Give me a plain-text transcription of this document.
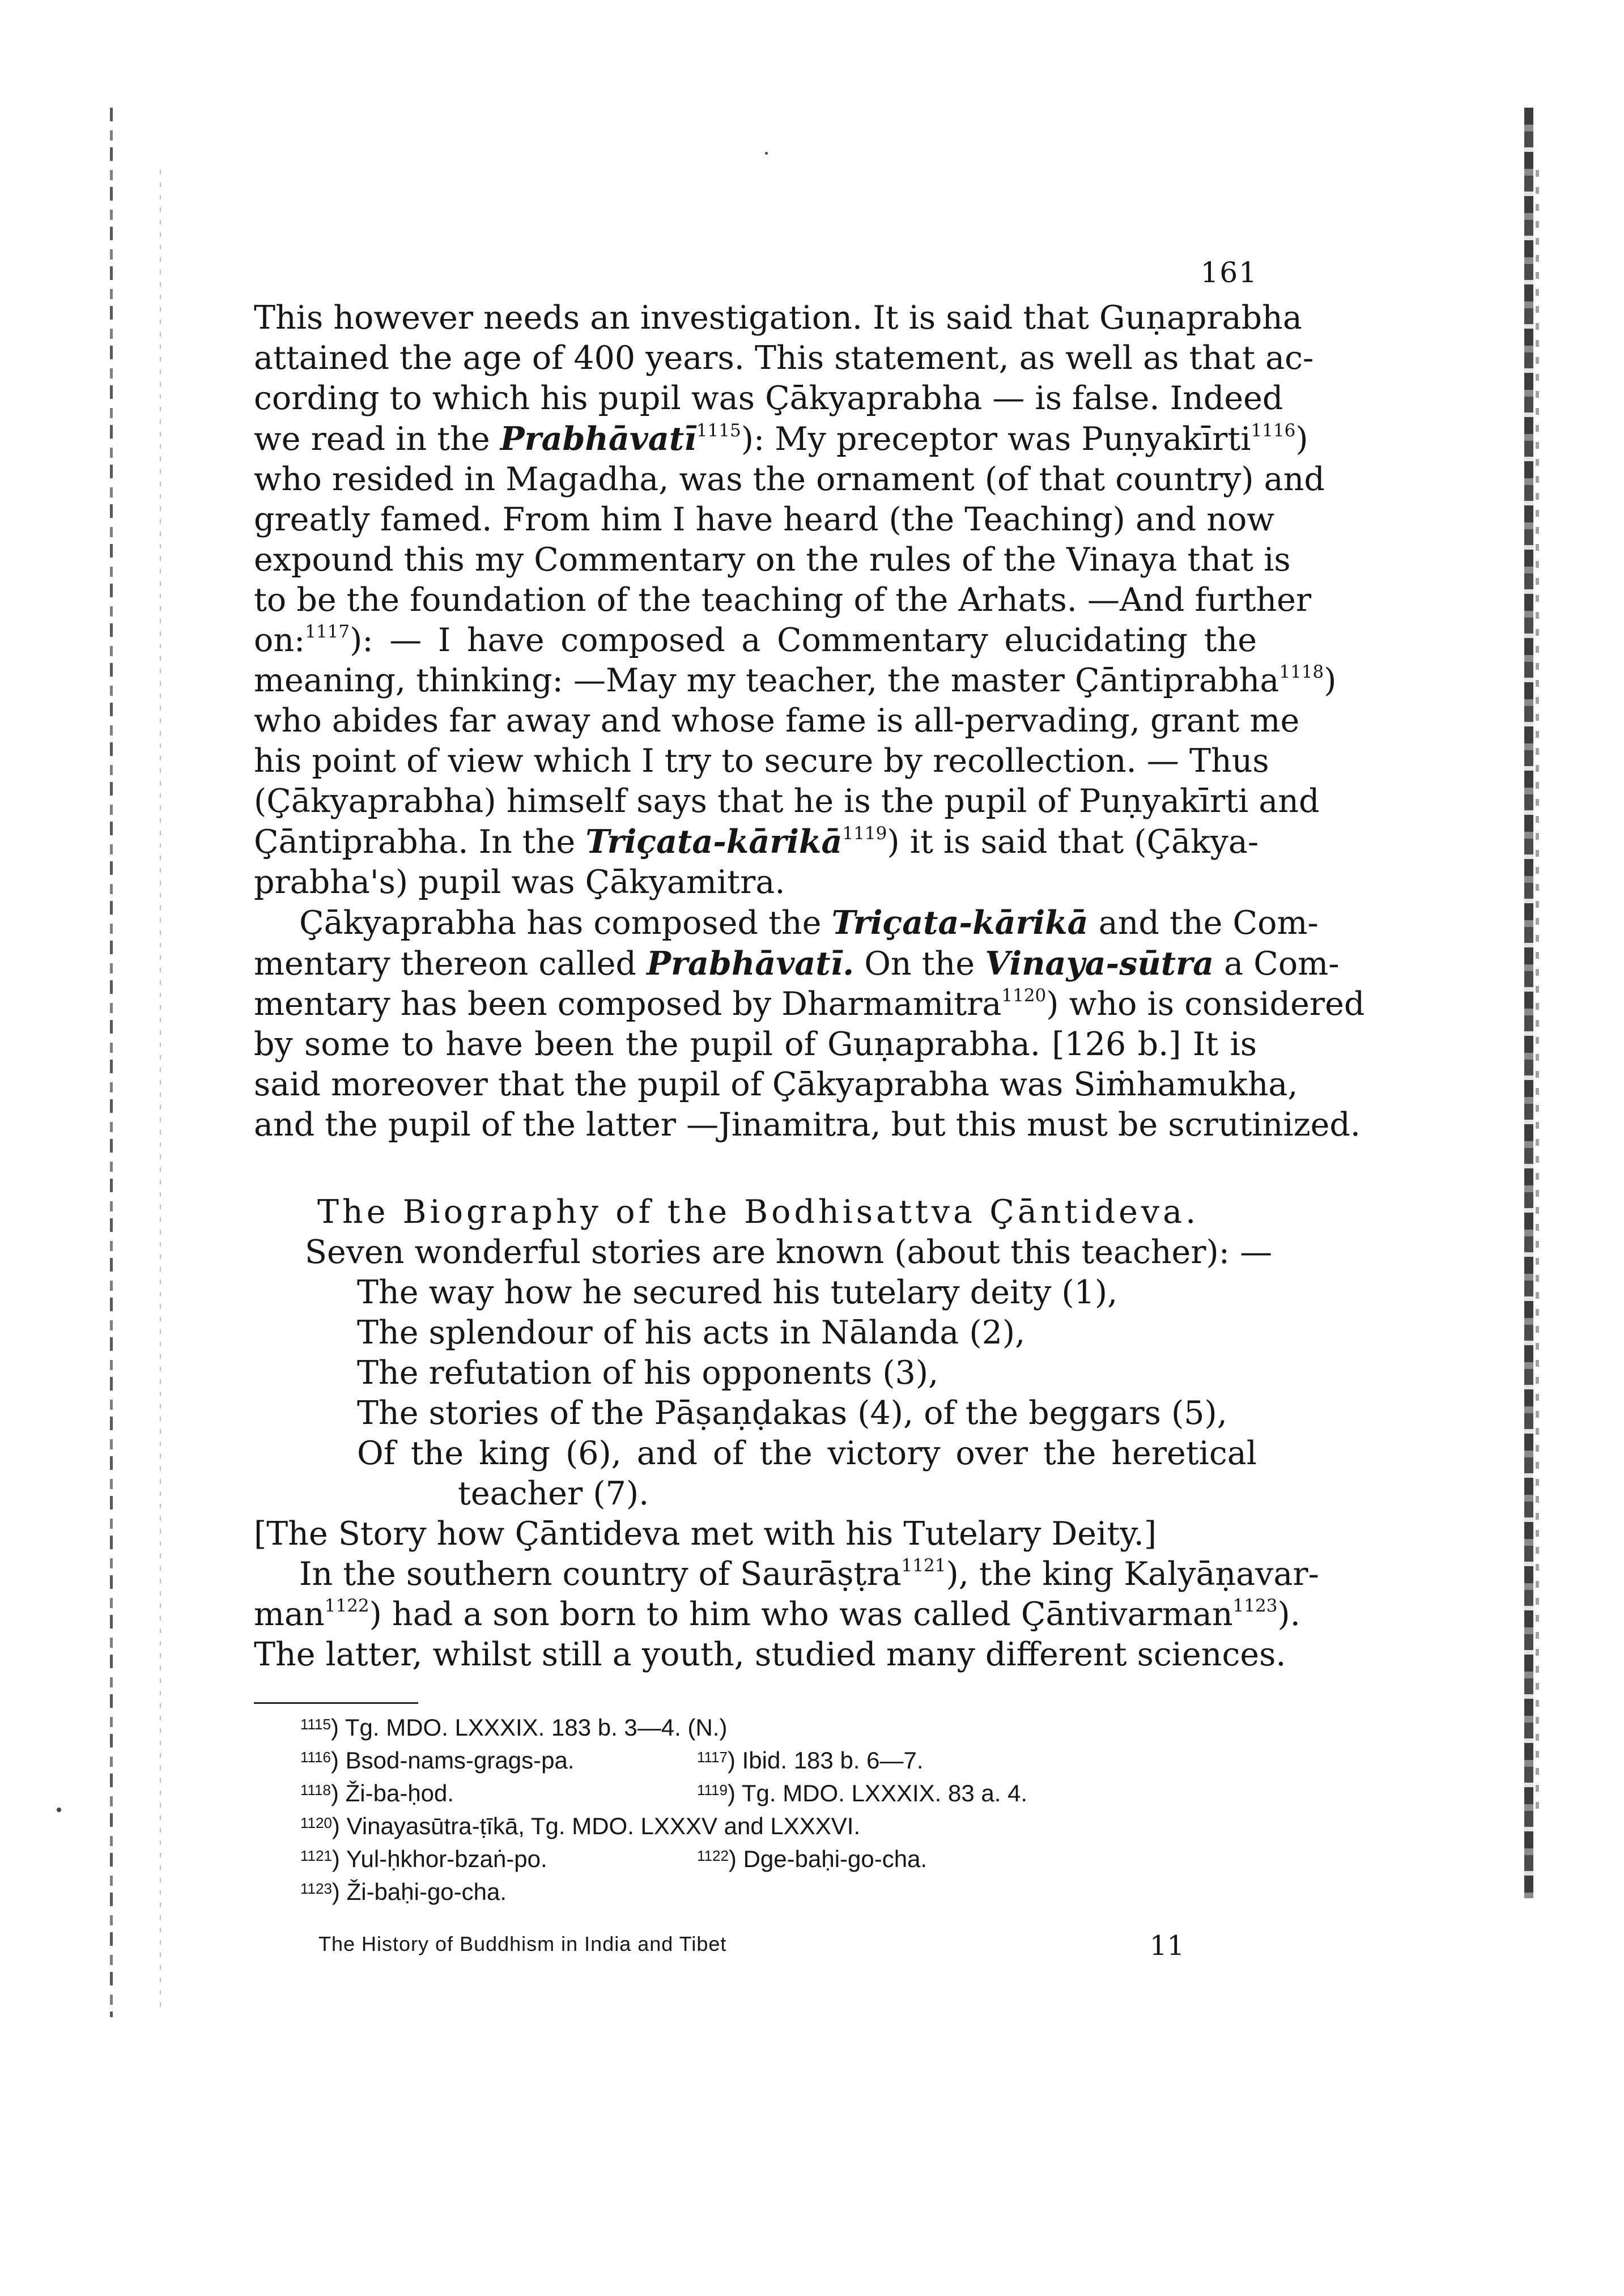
161
This however needs an investigation. It is said that Guṇaprabha
attained the age of 400 years. This statement, as well as that ac-
cording to which his pupil was Çākyaprabha — is false. Indeed
we read in the Prabhāvatī$^{1115}$): My preceptor was Puṇyakīrti$^{1116}$)
who resided in Magadha, was the ornament (of that country) and
greatly famed. From him I have heard (the Teaching) and now
expound this my Commentary on the rules of the Vinaya that is
to be the foundation of the teaching of the Arhats. —And further
on:$^{1117}$): — I have composed a Commentary elucidating the
meaning, thinking: —May my teacher, the master Çāntiprabha$^{1118}$)
who abides far away and whose fame is all-pervading, grant me
his point of view which I try to secure by recollection. — Thus
(Çākyaprabha) himself says that he is the pupil of Puṇyakīrti and
Çāntiprabha. In the Triçata-kārikā$^{1119}$) it is said that (Çākya-
prabha's) pupil was Çākyamitra.
Çākyaprabha has composed the Triçata-kārikā and the Com-
mentary thereon called Prabhāvatī. On the Vinaya-sūtra a Com-
mentary has been composed by Dharmamitra$^{1120}$) who is considered
by some to have been the pupil of Guṇaprabha. [126 b.] It is
said moreover that the pupil of Çākyaprabha was Siṁhamukha,
and the pupil of the latter —Jinamitra, but this must be scrutinized.
The Biography of the Bodhisattva Çāntideva.
Seven wonderful stories are known (about this teacher): —
The way how he secured his tutelary deity (1),
The splendour of his acts in Nālanda (2),
The refutation of his opponents (3),
The stories of the Pāṣaṇḍakas (4), of the beggars (5),
Of the king (6), and of the victory over the heretical
teacher (7).
[The Story how Çāntideva met with his Tutelary Deity.]
In the southern country of Saurāṣṭra$^{1121}$), the king Kalyāṇavar-
man$^{1122}$) had a son born to him who was called Çāntivarman$^{1123}$).
The latter, whilst still a youth, studied many different sciences.
1115) Tg. MDO. LXXXIX. 183 b. 3—4. (N.)
1116) Bsod-nams-grags-pa.	1117) Ibid. 183 b. 6—7.
1118) Ži-ba-ḥod.	1119) Tg. MDO. LXXXIX. 83 a. 4.
1120) Vinayasūtra-ṭīkā, Tg. MDO. LXXXV and LXXXVI.
1121) Yul-ḥkhor-bzaṅ-po.	1122) Dge-baḥi-go-cha.
1123) Ži-baḥi-go-cha.
The History of Buddhism in India and Tibet	11
